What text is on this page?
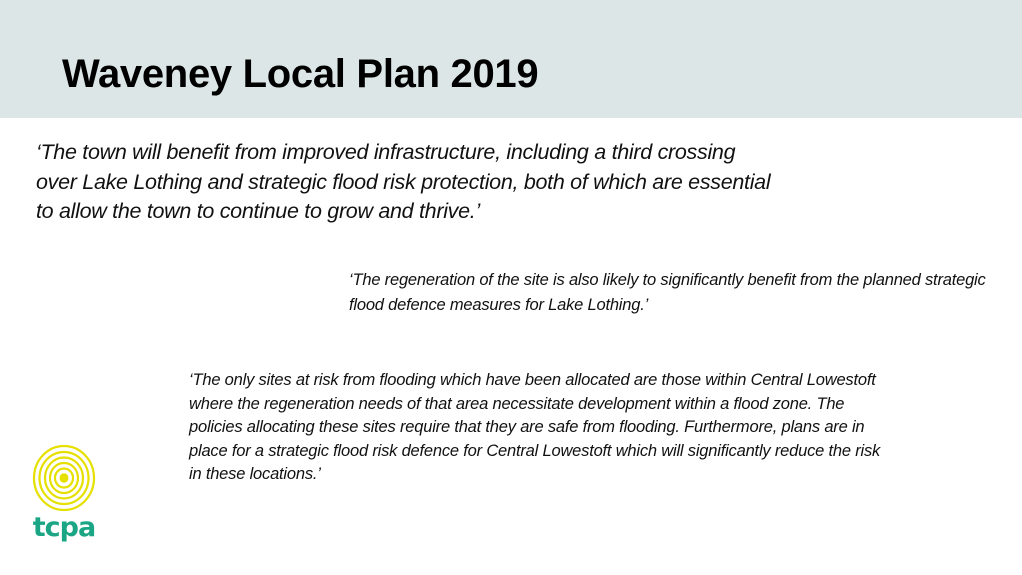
Waveney Local Plan 2019

‘The town will benefit from improved infrastructure, including a third crossing over Lake Lothing and strategic flood risk protection, both of which are essential to allow the town to continue to grow and thrive.’

‘The regeneration of the site is also likely to significantly benefit from the planned strategic flood defence measures for Lake Lothing.’

‘The only sites at risk from flooding which have been allocated are those within Central Lowestoft where the regeneration needs of that area necessitate development within a flood zone. The policies allocating these sites require that they are safe from flooding. Furthermore, plans are in place for a strategic flood risk defence for Central Lowestoft which will significantly reduce the risk in these locations.’

tcpa
